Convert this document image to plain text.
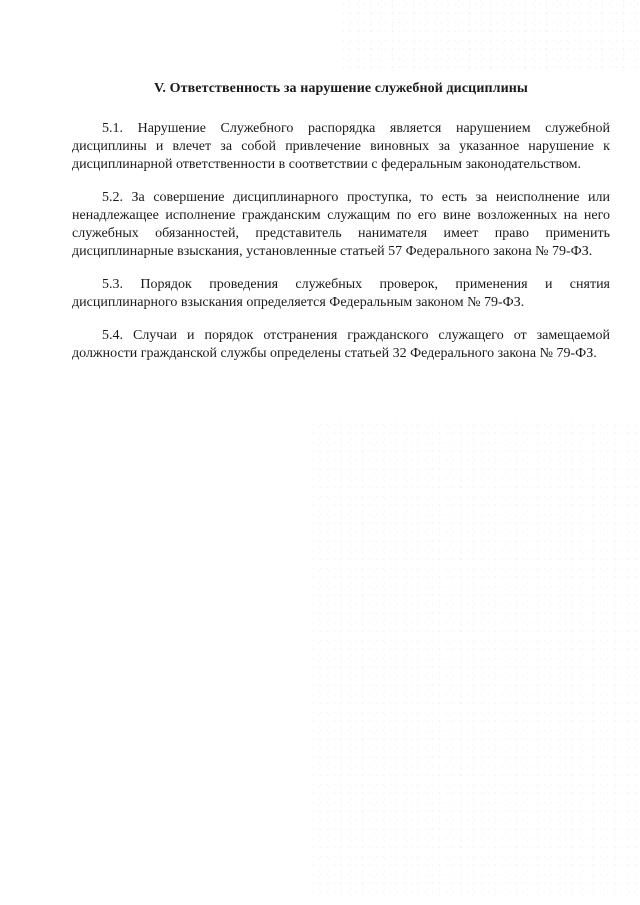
V. Ответственность за нарушение служебной дисциплины

5.1. Нарушение Служебного распорядка является нарушением служебной дисциплины и влечет за собой привлечение виновных за указанное нарушение к дисциплинарной ответственности в соответствии с федеральным законодательством.

5.2. За совершение дисциплинарного проступка, то есть за неисполнение или ненадлежащее исполнение гражданским служащим по его вине возложенных на него служебных обязанностей, представитель нанимателя имеет право применить дисциплинарные взыскания, установленные статьей 57 Федерального закона № 79-ФЗ.

5.3. Порядок проведения служебных проверок, применения и снятия дисциплинарного взыскания определяется Федеральным законом № 79-ФЗ.

5.4. Случаи и порядок отстранения гражданского служащего от замещаемой должности гражданской службы определены статьей 32 Федерального закона № 79-ФЗ.
